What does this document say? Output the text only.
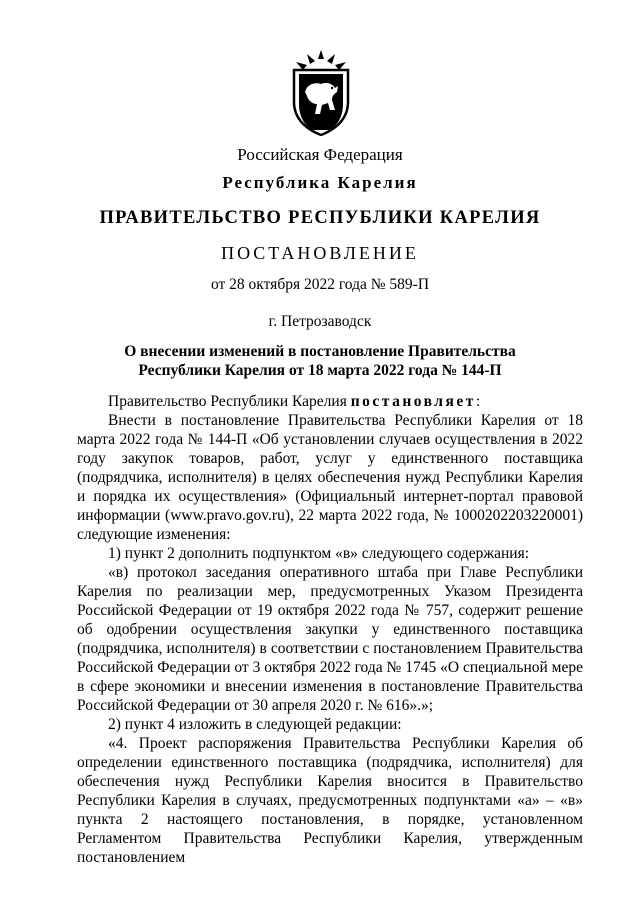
Российская Федерация
Республика Карелия
ПРАВИТЕЛЬСТВО РЕСПУБЛИКИ КАРЕЛИЯ
ПОСТАНОВЛЕНИЕ
от 28 октября 2022 года № 589-П
г. Петрозаводск
О внесении изменений в постановление Правительства
Республики Карелия от 18 марта 2022 года № 144-П

Правительство Республики Карелия постановляет:

Внести в постановление Правительства Республики Карелия от 18 марта 2022 года № 144-П «Об установлении случаев осуществления в 2022 году закупок товаров, работ, услуг у единственного поставщика (подрядчика, исполнителя) в целях обеспечения нужд Республики Карелия и порядка их осуществления» (Официальный интернет-портал правовой информации (www.pravo.gov.ru), 22 марта 2022 года, № 1000202203220001) следующие изменения:

1) пункт 2 дополнить подпунктом «в» следующего содержания:

«в) протокол заседания оперативного штаба при Главе Республики Карелия по реализации мер, предусмотренных Указом Президента Российской Федерации от 19 октября 2022 года № 757, содержит решение об одобрении осуществления закупки у единственного поставщика (подрядчика, исполнителя) в соответствии с постановлением Правительства Российской Федерации от 3 октября 2022 года № 1745 «О специальной мере в сфере экономики и внесении изменения в постановление Правительства Российской Федерации от 30 апреля 2020 г. № 616».»;

2) пункт 4 изложить в следующей редакции:

«4. Проект распоряжения Правительства Республики Карелия об определении единственного поставщика (подрядчика, исполнителя) для обеспечения нужд Республики Карелия вносится в Правительство Республики Карелия в случаях, предусмотренных подпунктами «а» – «в» пункта 2 настоящего постановления, в порядке, установленном Регламентом Правительства Республики Карелия, утвержденным постановлением
